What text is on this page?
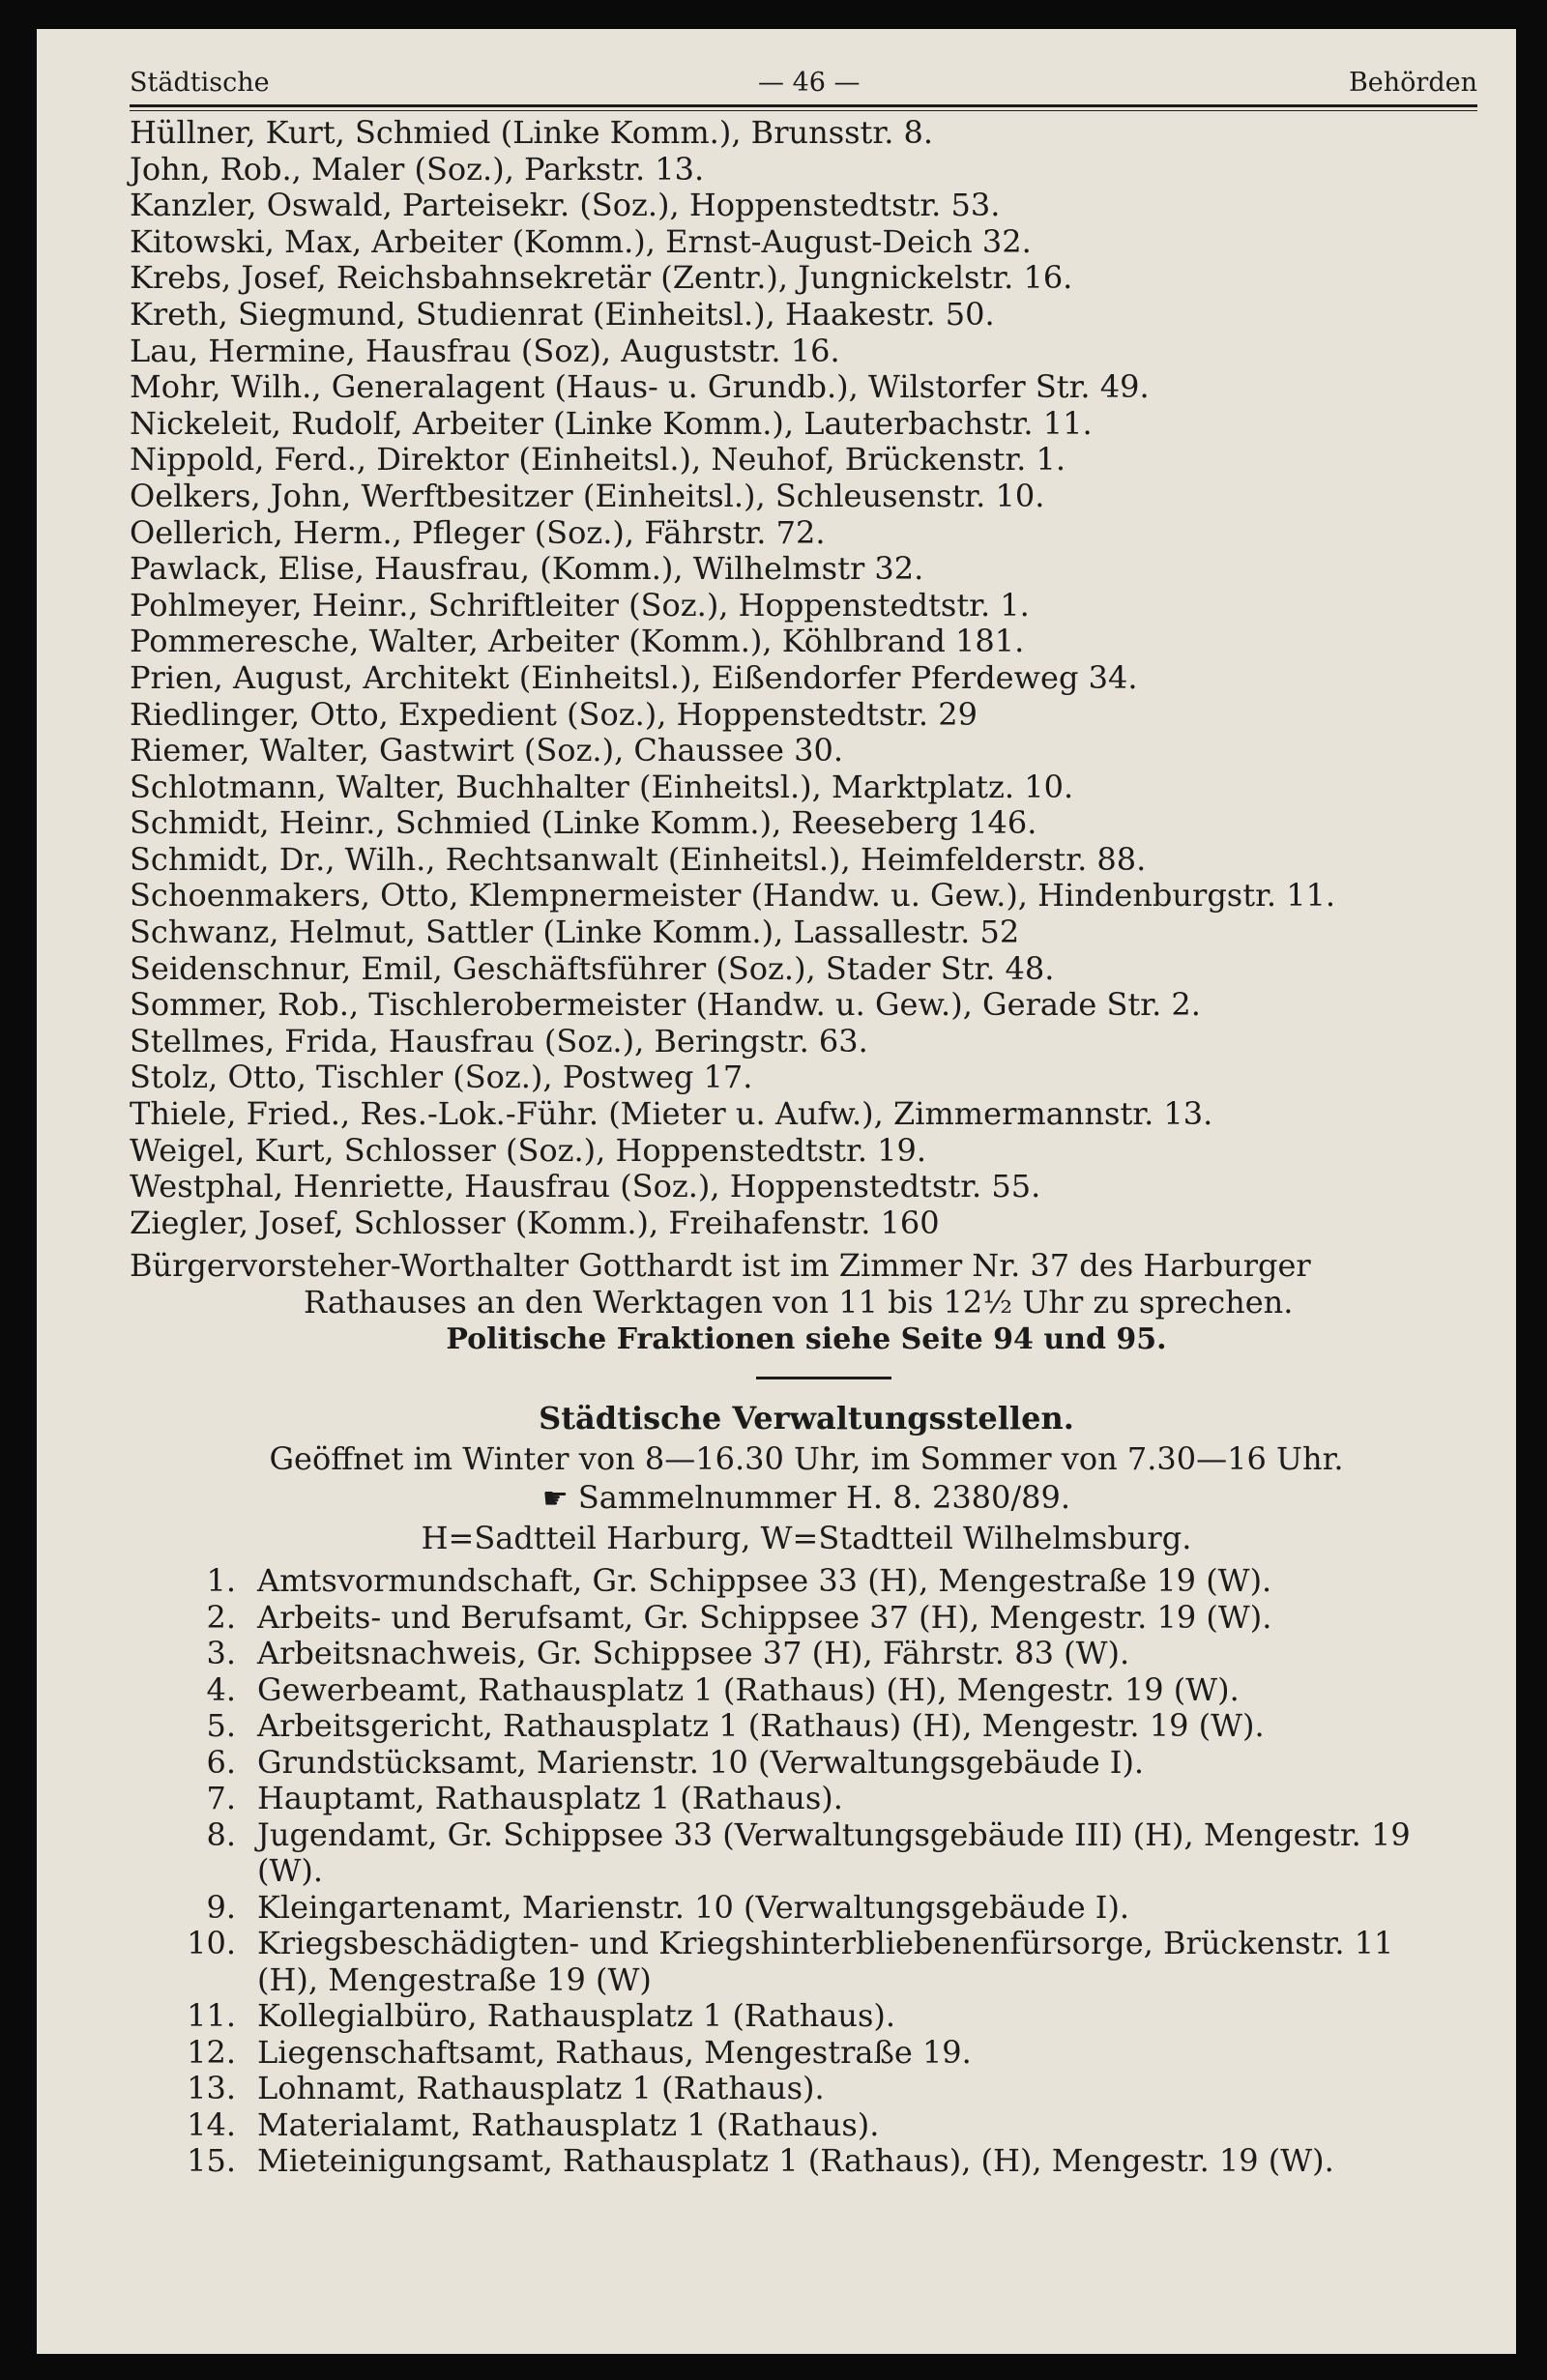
Städtische	— 46 —	Behörden
Hüllner, Kurt, Schmied (Linke Komm.), Brunsstr. 8.
John, Rob., Maler (Soz.), Parkstr. 13.
Kanzler, Oswald, Parteisekr. (Soz.), Hoppenstedtstr. 53.
Kitowski, Max, Arbeiter (Komm.), Ernst-August-Deich 32.
Krebs, Josef, Reichsbahnsekretär (Zentr.), Jungnickelstr. 16.
Kreth, Siegmund, Studienrat (Einheitsl.), Haakestr. 50.
Lau, Hermine, Hausfrau (Soz), Auguststr. 16.
Mohr, Wilh., Generalagent (Haus- u. Grundb.), Wilstorfer Str. 49.
Nickeleit, Rudolf, Arbeiter (Linke Komm.), Lauterbachstr. 11.
Nippold, Ferd., Direktor (Einheitsl.), Neuhof, Brückenstr. 1.
Oelkers, John, Werftbesitzer (Einheitsl.), Schleusenstr. 10.
Oellerich, Herm., Pfleger (Soz.), Fährstr. 72.
Pawlack, Elise, Hausfrau, (Komm.), Wilhelmstr 32.
Pohlmeyer, Heinr., Schriftleiter (Soz.), Hoppenstedtstr. 1.
Pommeresche, Walter, Arbeiter (Komm.), Köhlbrand 181.
Prien, August, Architekt (Einheitsl.), Eißendorfer Pferdeweg 34.
Riedlinger, Otto, Expedient (Soz.), Hoppenstedtstr. 29
Riemer, Walter, Gastwirt (Soz.), Chaussee 30.
Schlotmann, Walter, Buchhalter (Einheitsl.), Marktplatz. 10.
Schmidt, Heinr., Schmied (Linke Komm.), Reeseberg 146.
Schmidt, Dr., Wilh., Rechtsanwalt (Einheitsl.), Heimfelderstr. 88.
Schoenmakers, Otto, Klempnermeister (Handw. u. Gew.), Hindenburgstr. 11.
Schwanz, Helmut, Sattler (Linke Komm.), Lassallestr. 52
Seidenschnur, Emil, Geschäftsführer (Soz.), Stader Str. 48.
Sommer, Rob., Tischlerobermeister (Handw. u. Gew.), Gerade Str. 2.
Stellmes, Frida, Hausfrau (Soz.), Beringstr. 63.
Stolz, Otto, Tischler (Soz.), Postweg 17.
Thiele, Fried., Res.-Lok.-Führ. (Mieter u. Aufw.), Zimmermannstr. 13.
Weigel, Kurt, Schlosser (Soz.), Hoppenstedtstr. 19.
Westphal, Henriette, Hausfrau (Soz.), Hoppenstedtstr. 55.
Ziegler, Josef, Schlosser (Komm.), Freihafenstr. 160
Bürgervorsteher-Worthalter Gotthardt ist im Zimmer Nr. 37 des Harburger
Rathauses an den Werktagen von 11 bis 12½ Uhr zu sprechen.
Politische Fraktionen siehe Seite 94 und 95.
Städtische Verwaltungsstellen.
Geöffnet im Winter von 8—16.30 Uhr, im Sommer von 7.30—16 Uhr.
☛ Sammelnummer H. 8. 2380/89.
H=Sadtteil Harburg, W=Stadtteil Wilhelmsburg.
1. Amtsvormundschaft, Gr. Schippsee 33 (H), Mengestraße 19 (W).
2. Arbeits- und Berufsamt, Gr. Schippsee 37 (H), Mengestr. 19 (W).
3. Arbeitsnachweis, Gr. Schippsee 37 (H), Fährstr. 83 (W).
4. Gewerbeamt, Rathausplatz 1 (Rathaus) (H), Mengestr. 19 (W).
5. Arbeitsgericht, Rathausplatz 1 (Rathaus) (H), Mengestr. 19 (W).
6. Grundstücksamt, Marienstr. 10 (Verwaltungsgebäude I).
7. Hauptamt, Rathausplatz 1 (Rathaus).
8. Jugendamt, Gr. Schippsee 33 (Verwaltungsgebäude III) (H), Mengestr. 19 (W).
9. Kleingartenamt, Marienstr. 10 (Verwaltungsgebäude I).
10. Kriegsbeschädigten- und Kriegshinterbliebenenfürsorge, Brückenstr. 11 (H), Mengestraße 19 (W)
11. Kollegialbüro, Rathausplatz 1 (Rathaus).
12. Liegenschaftsamt, Rathaus, Mengestraße 19.
13. Lohnamt, Rathausplatz 1 (Rathaus).
14. Materialamt, Rathausplatz 1 (Rathaus).
15. Mieteinigungsamt, Rathausplatz 1 (Rathaus), (H), Mengestr. 19 (W).
